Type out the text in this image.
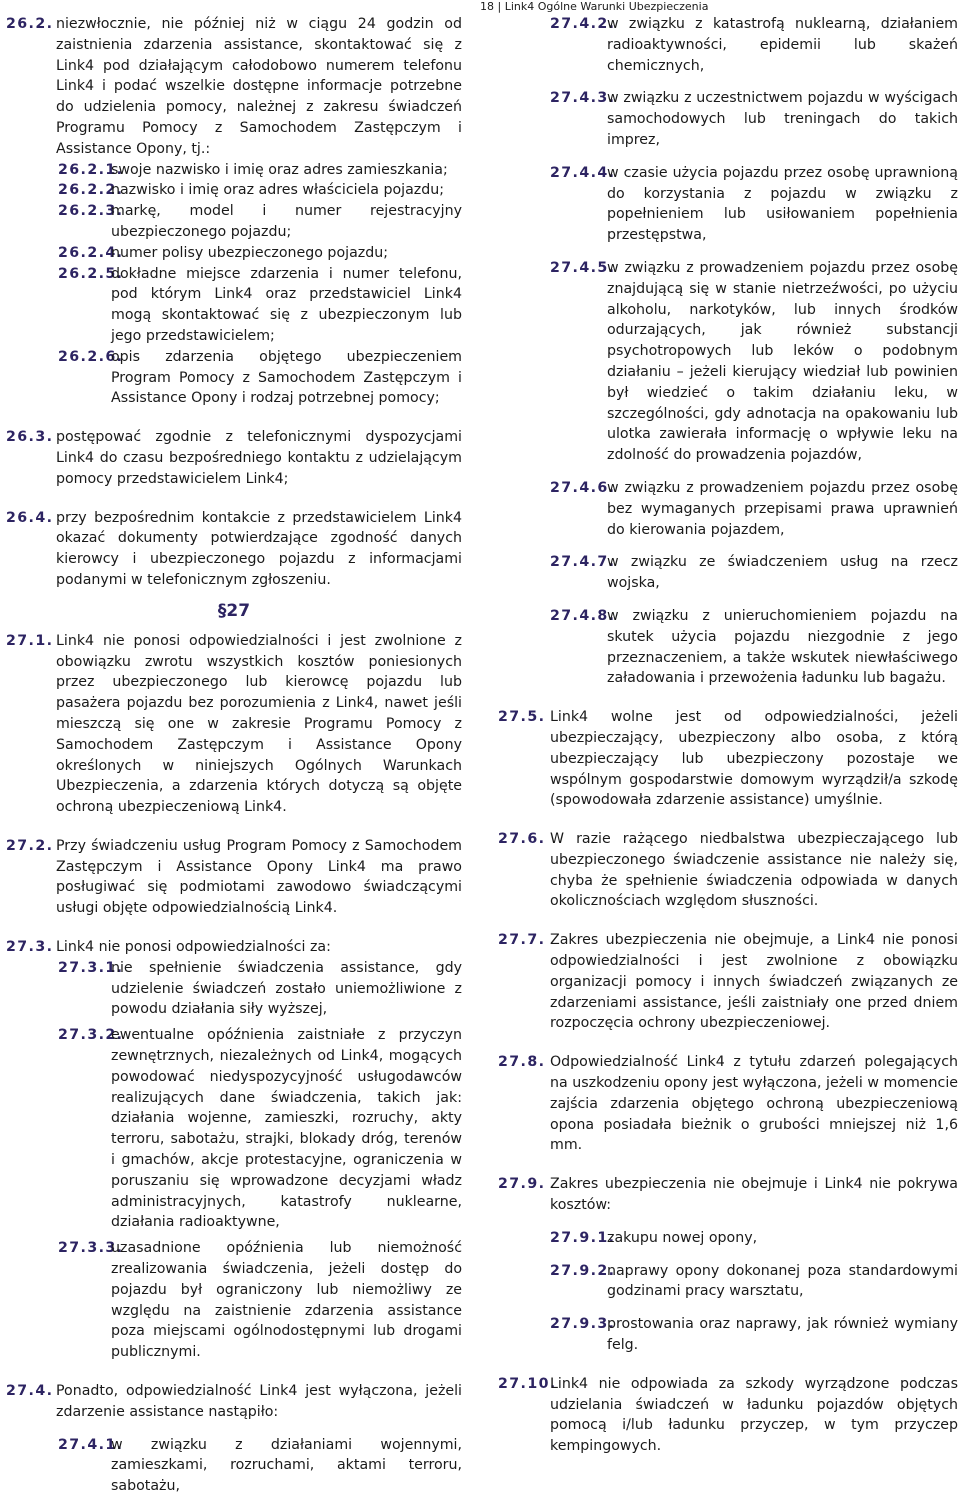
18 | Link4 Ogólne Warunki Ubezpieczenia
26.2. niezwłocznie, nie później niż w ciągu 24 godzin od zaistnienia zdarzenia assistance, skontaktować się z Link4 pod działającym całodobowo numerem telefonu Link4 i podać wszelkie dostępne informacje potrzebne do udzielenia pomocy, należnej z zakresu świadczeń Programu Pomocy z Samochodem Zastępczym i Assistance Opony, tj.:
26.2.1.
swoje nazwisko i imię oraz adres zamieszkania;
26.2.2.
nazwisko i imię oraz adres właściciela pojazdu;
26.2.3.
markę, model i numer rejestracyjny ubezpieczonego pojazdu;
26.2.4.
numer polisy ubezpieczonego pojazdu;
26.2.5.
dokładne miejsce zdarzenia i numer telefonu, pod którym Link4 oraz przedstawiciel Link4 mogą skontaktować się z ubezpieczonym lub jego przedstawicielem;
26.2.6.
opis zdarzenia objętego ubezpieczeniem Program Pomocy z Samochodem Zastępczym i Assistance Opony i rodzaj potrzebnej pomocy;
26.3. postępować zgodnie z telefonicznymi dyspozycjami Link4 do czasu bezpośredniego kontaktu z udzielającym pomocy przedstawicielem Link4;
26.4. przy bezpośrednim kontakcie z przedstawicielem Link4 okazać dokumenty potwierdzające zgodność danych kierowcy i ubezpieczonego pojazdu z informacjami podanymi w telefonicznym zgłoszeniu.
§27
27.1. Link4 nie ponosi odpowiedzialności i jest zwolnione z obowiązku zwrotu wszystkich kosztów poniesionych przez ubezpieczonego lub kierowcę pojazdu lub pasażera pojazdu bez porozumienia z Link4, nawet jeśli mieszczą się one w zakresie Programu Pomocy z Samochodem Zastępczym i Assistance Opony określonych w niniejszych Ogólnych Warunkach Ubezpieczenia, a zdarzenia których dotyczą są objęte ochroną ubezpieczeniową Link4.
27.2. Przy świadczeniu usług Program Pomocy z Samochodem Zastępczym i Assistance Opony Link4 ma prawo posługiwać się podmiotami zawodowo świadczącymi usługi objęte odpowiedzialnością Link4.
27.3. Link4 nie ponosi odpowiedzialności za:
27.3.1.
nie spełnienie świadczenia assistance, gdy udzielenie świadczeń zostało uniemożliwione z powodu działania siły wyższej,
27.3.2.
ewentualne opóźnienia zaistniałe z przyczyn zewnętrznych, niezależnych od Link4, mogących powodować niedyspozycyjność usługodawców realizujących dane świadczenia, takich jak: działania wojenne, zamieszki, rozruchy, akty terroru, sabotażu, strajki, blokady dróg, terenów i gmachów, akcje protestacyjne, ograniczenia w poruszaniu się wprowadzone decyzjami władz administracyjnych, katastrofy nuklearne, działania radioaktywne,
27.3.3.
uzasadnione opóźnienia lub niemożność zrealizowania świadczenia, jeżeli dostęp do pojazdu był ograniczony lub niemożliwy ze względu na zaistnienie zdarzenia assistance poza miejscami ogólnodostępnymi lub drogami publicznymi.
27.4. Ponadto, odpowiedzialność Link4 jest wyłączona, jeżeli zdarzenie assistance nastąpiło:
27.4.1.
w związku z działaniami wojennymi, zamieszkami, rozruchami, aktami terroru, sabotażu,
27.4.2.
w związku z katastrofą nuklearną, działaniem radioaktywności, epidemii lub skażeń chemicznych,
27.4.3.
w związku z uczestnictwem pojazdu w wyścigach samochodowych lub treningach do takich imprez,
27.4.4.
w czasie użycia pojazdu przez osobę uprawnioną do korzystania z pojazdu w związku z popełnieniem lub usiłowaniem popełnienia przestępstwa,
27.4.5.
w związku z prowadzeniem pojazdu przez osobę znajdującą się w stanie nietrzeźwości, po użyciu alkoholu, narkotyków, lub innych środków odurzających, jak również substancji psychotropowych lub leków o podobnym działaniu – jeżeli kierujący wiedział lub powinien był wiedzieć o takim działaniu leku, w szczególności, gdy adnotacja na opakowaniu lub ulotka zawierała informację o wpływie leku na zdolność do prowadzenia pojazdów,
27.4.6.
w związku z prowadzeniem pojazdu przez osobę bez wymaganych przepisami prawa uprawnień do kierowania pojazdem,
27.4.7.
w związku ze świadczeniem usług na rzecz wojska,
27.4.8.
w związku z unieruchomieniem pojazdu na skutek użycia pojazdu niezgodnie z jego przeznaczeniem, a także wskutek niewłaściwego załadowania i przewożenia ładunku lub bagażu.
27.5. Link4 wolne jest od odpowiedzialności, jeżeli ubezpieczający, ubezpieczony albo osoba, z którą ubezpieczający lub ubezpieczony pozostaje we wspólnym gospodarstwie domowym wyrządził/a szkodę (spowodowała zdarzenie assistance) umyślnie.
27.6. W razie rażącego niedbalstwa ubezpieczającego lub ubezpieczonego świadczenie assistance nie należy się, chyba że spełnienie świadczenia odpowiada w danych okolicznościach względom słuszności.
27.7. Zakres ubezpieczenia nie obejmuje, a Link4 nie ponosi odpowiedzialności i jest zwolnione z obowiązku organizacji pomocy i innych świadczeń związanych ze zdarzeniami assistance, jeśli zaistniały one przed dniem rozpoczęcia ochrony ubezpieczeniowej.
27.8. Odpowiedzialność Link4 z tytułu zdarzeń polegających na uszkodzeniu opony jest wyłączona, jeżeli w momencie zajścia zdarzenia objętego ochroną ubezpieczeniową opona posiadała bieżnik o grubości mniejszej niż 1,6 mm.
27.9. Zakres ubezpieczenia nie obejmuje i Link4 nie pokrywa kosztów:
27.9.1.
zakupu nowej opony,
27.9.2.
naprawy opony dokonanej poza standardowymi godzinami pracy warsztatu,
27.9.3.
prostowania oraz naprawy, jak również wymiany felg.
27.10.
Link4 nie odpowiada za szkody wyrządzone podczas udzielania świadczeń w ładunku pojazdów objętych pomocą i/lub ładunku przyczep, w tym przyczep kempingowych.
